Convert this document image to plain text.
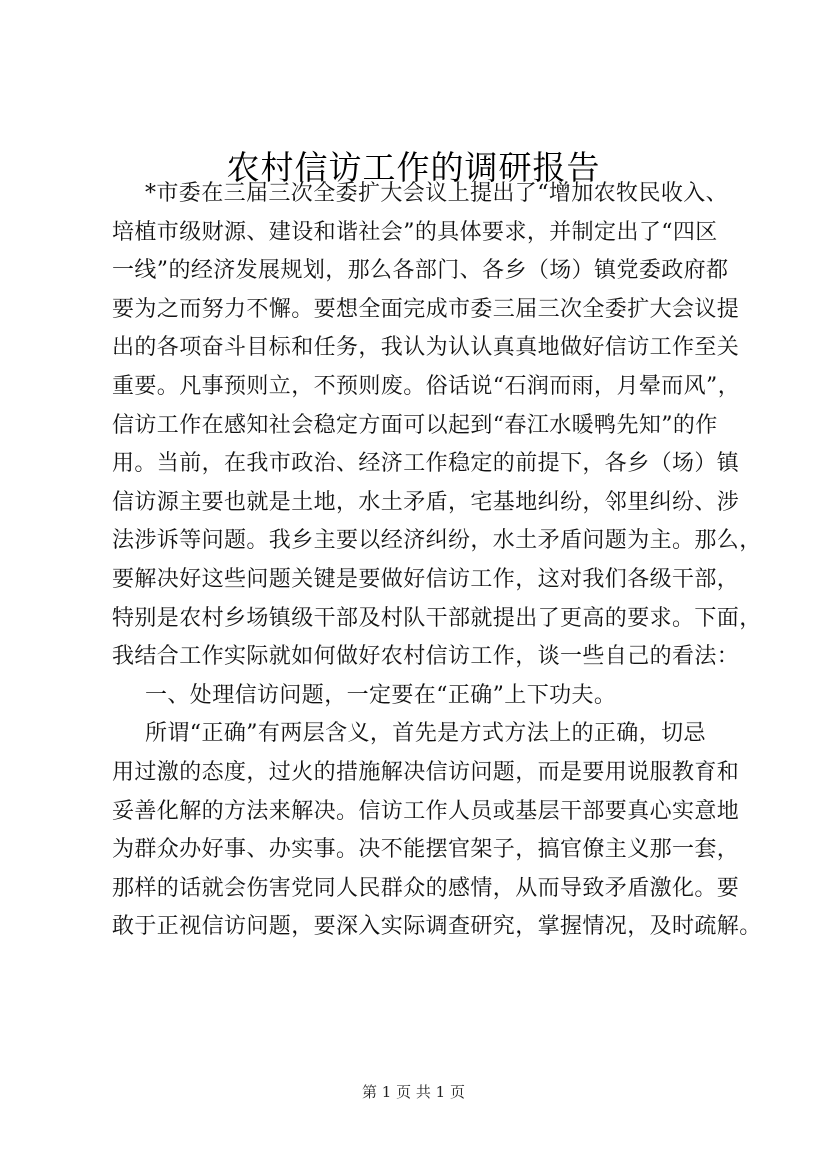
农村信访工作的调研报告
*市委在三届三次全委扩大会议上提出了“增加农牧民收入、
培植市级财源、建设和谐社会”的具体要求，并制定出了“四区
一线”的经济发展规划，那么各部门、各乡（场）镇党委政府都
要为之而努力不懈。要想全面完成市委三届三次全委扩大会议提
出的各项奋斗目标和任务，我认为认认真真地做好信访工作至关
重要。凡事预则立，不预则废。俗话说“石润而雨，月晕而风”，
信访工作在感知社会稳定方面可以起到“春江水暖鸭先知”的作
用。当前，在我市政治、经济工作稳定的前提下，各乡（场）镇
信访源主要也就是土地，水土矛盾，宅基地纠纷，邻里纠纷、涉
法涉诉等问题。我乡主要以经济纠纷，水土矛盾问题为主。那么，
要解决好这些问题关键是要做好信访工作，这对我们各级干部，
特别是农村乡场镇级干部及村队干部就提出了更高的要求。下面，
我结合工作实际就如何做好农村信访工作，谈一些自己的看法：
一、处理信访问题，一定要在“正确”上下功夫。
所谓“正确”有两层含义，首先是方式方法上的正确，切忌
用过激的态度，过火的措施解决信访问题，而是要用说服教育和
妥善化解的方法来解决。信访工作人员或基层干部要真心实意地
为群众办好事、办实事。决不能摆官架子，搞官僚主义那一套，
那样的话就会伤害党同人民群众的感情，从而导致矛盾激化。要
敢于正视信访问题，要深入实际调查研究，掌握情况，及时疏解。
第 1 页 共 1 页
